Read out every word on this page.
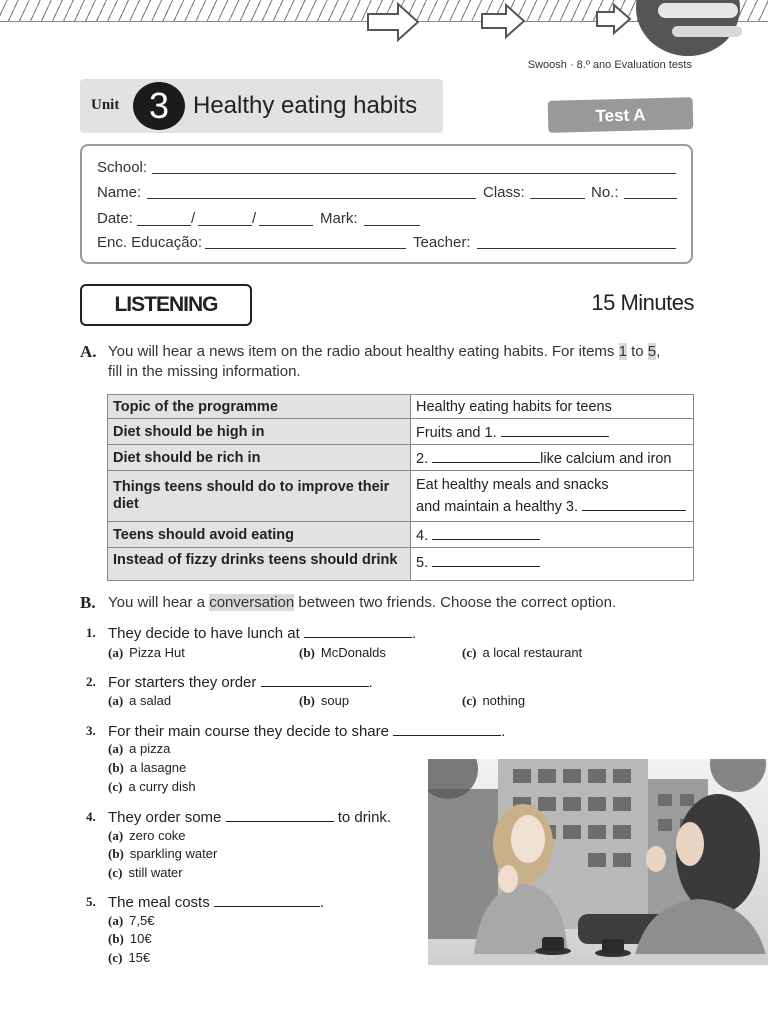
Swoosh · 8.º ano Evaluation tests
Unit 3 Healthy eating habits	Test A
School:
Name:	Class:	No.:
Date:	/	/	Mark:
Enc. Educação:	Teacher:
LISTENING	15 Minutes
A. You will hear a news item on the radio about healthy eating habits. For items 1 to 5,
fill in the missing information.
Topic of the programme	Healthy eating habits for teens
Diet should be high in	Fruits and 1.
Diet should be rich in	2. like calcium and iron
Things teens should do to improve their diet	Eat healthy meals and snacks
and maintain a healthy 3.
Teens should avoid eating	4.
Instead of fizzy drinks teens should drink	5.
B. You will hear a conversation between two friends. Choose the correct option.
1. They decide to have lunch at	.
(a) Pizza Hut	(b) McDonalds	(c) a local restaurant
2. For starters they order	.
(a) a salad	(b) soup	(c) nothing
3. For their main course they decide to share	.
(a) a pizza
(b) a lasagne
(c) a curry dish
4. They order some	to drink.
(a) zero coke
(b) sparkling water
(c) still water
5. The meal costs	.
(a) 7,5€
(b) 10€
(c) 15€
